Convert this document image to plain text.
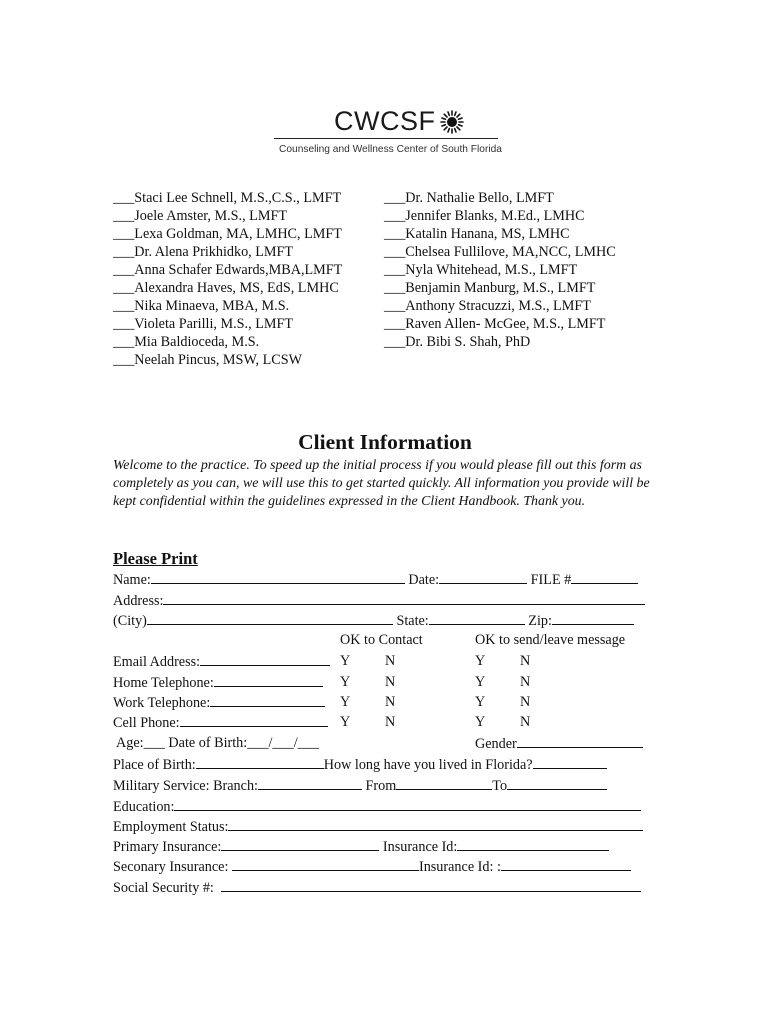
CWCSF
Counseling and Wellness Center of South Florida
___Staci Lee Schnell, M.S.,C.S., LMFT
___Joele Amster, M.S., LMFT
___Lexa Goldman, MA, LMHC, LMFT
___Dr. Alena Prikhidko, LMFT
___Anna Schafer Edwards,MBA,LMFT
___Alexandra Haves, MS, EdS, LMHC
___Nika Minaeva, MBA, M.S.
___Violeta Parilli, M.S., LMFT
___Mia Baldioceda, M.S.
___Neelah Pincus, MSW, LCSW
___Dr. Nathalie Bello, LMFT
___Jennifer Blanks, M.Ed., LMHC
___Katalin Hanana, MS, LMHC
___Chelsea Fullilove, MA,NCC, LMHC
___Nyla Whitehead, M.S., LMFT
___Benjamin Manburg, M.S., LMFT
___Anthony Stracuzzi, M.S., LMFT
___Raven Allen- McGee, M.S., LMFT
___Dr. Bibi S. Shah, PhD
Client Information
Welcome to the practice. To speed up the initial process if you would please fill out this form as completely as you can, we will use this to get started quickly. All information you provide will be kept confidential within the guidelines expressed in the Client Handbook. Thank you.
Please Print
Name:	Date:	FILE #
Address:
(City)	State:	Zip:
OK to Contact	OK to send/leave message
Email Address:	Y N	Y N
Home Telephone:	Y N	Y N
Work Telephone:	Y N	Y N
Cell Phone:	Y N	Y N
Age:___ Date of Birth:___/___/___	Gender
Place of Birth:	How long have you lived in Florida?
Military Service: Branch:	From	To
Education:
Employment Status:
Primary Insurance:	Insurance Id:
Seconary Insurance:	Insurance Id: :
Social Security #:
